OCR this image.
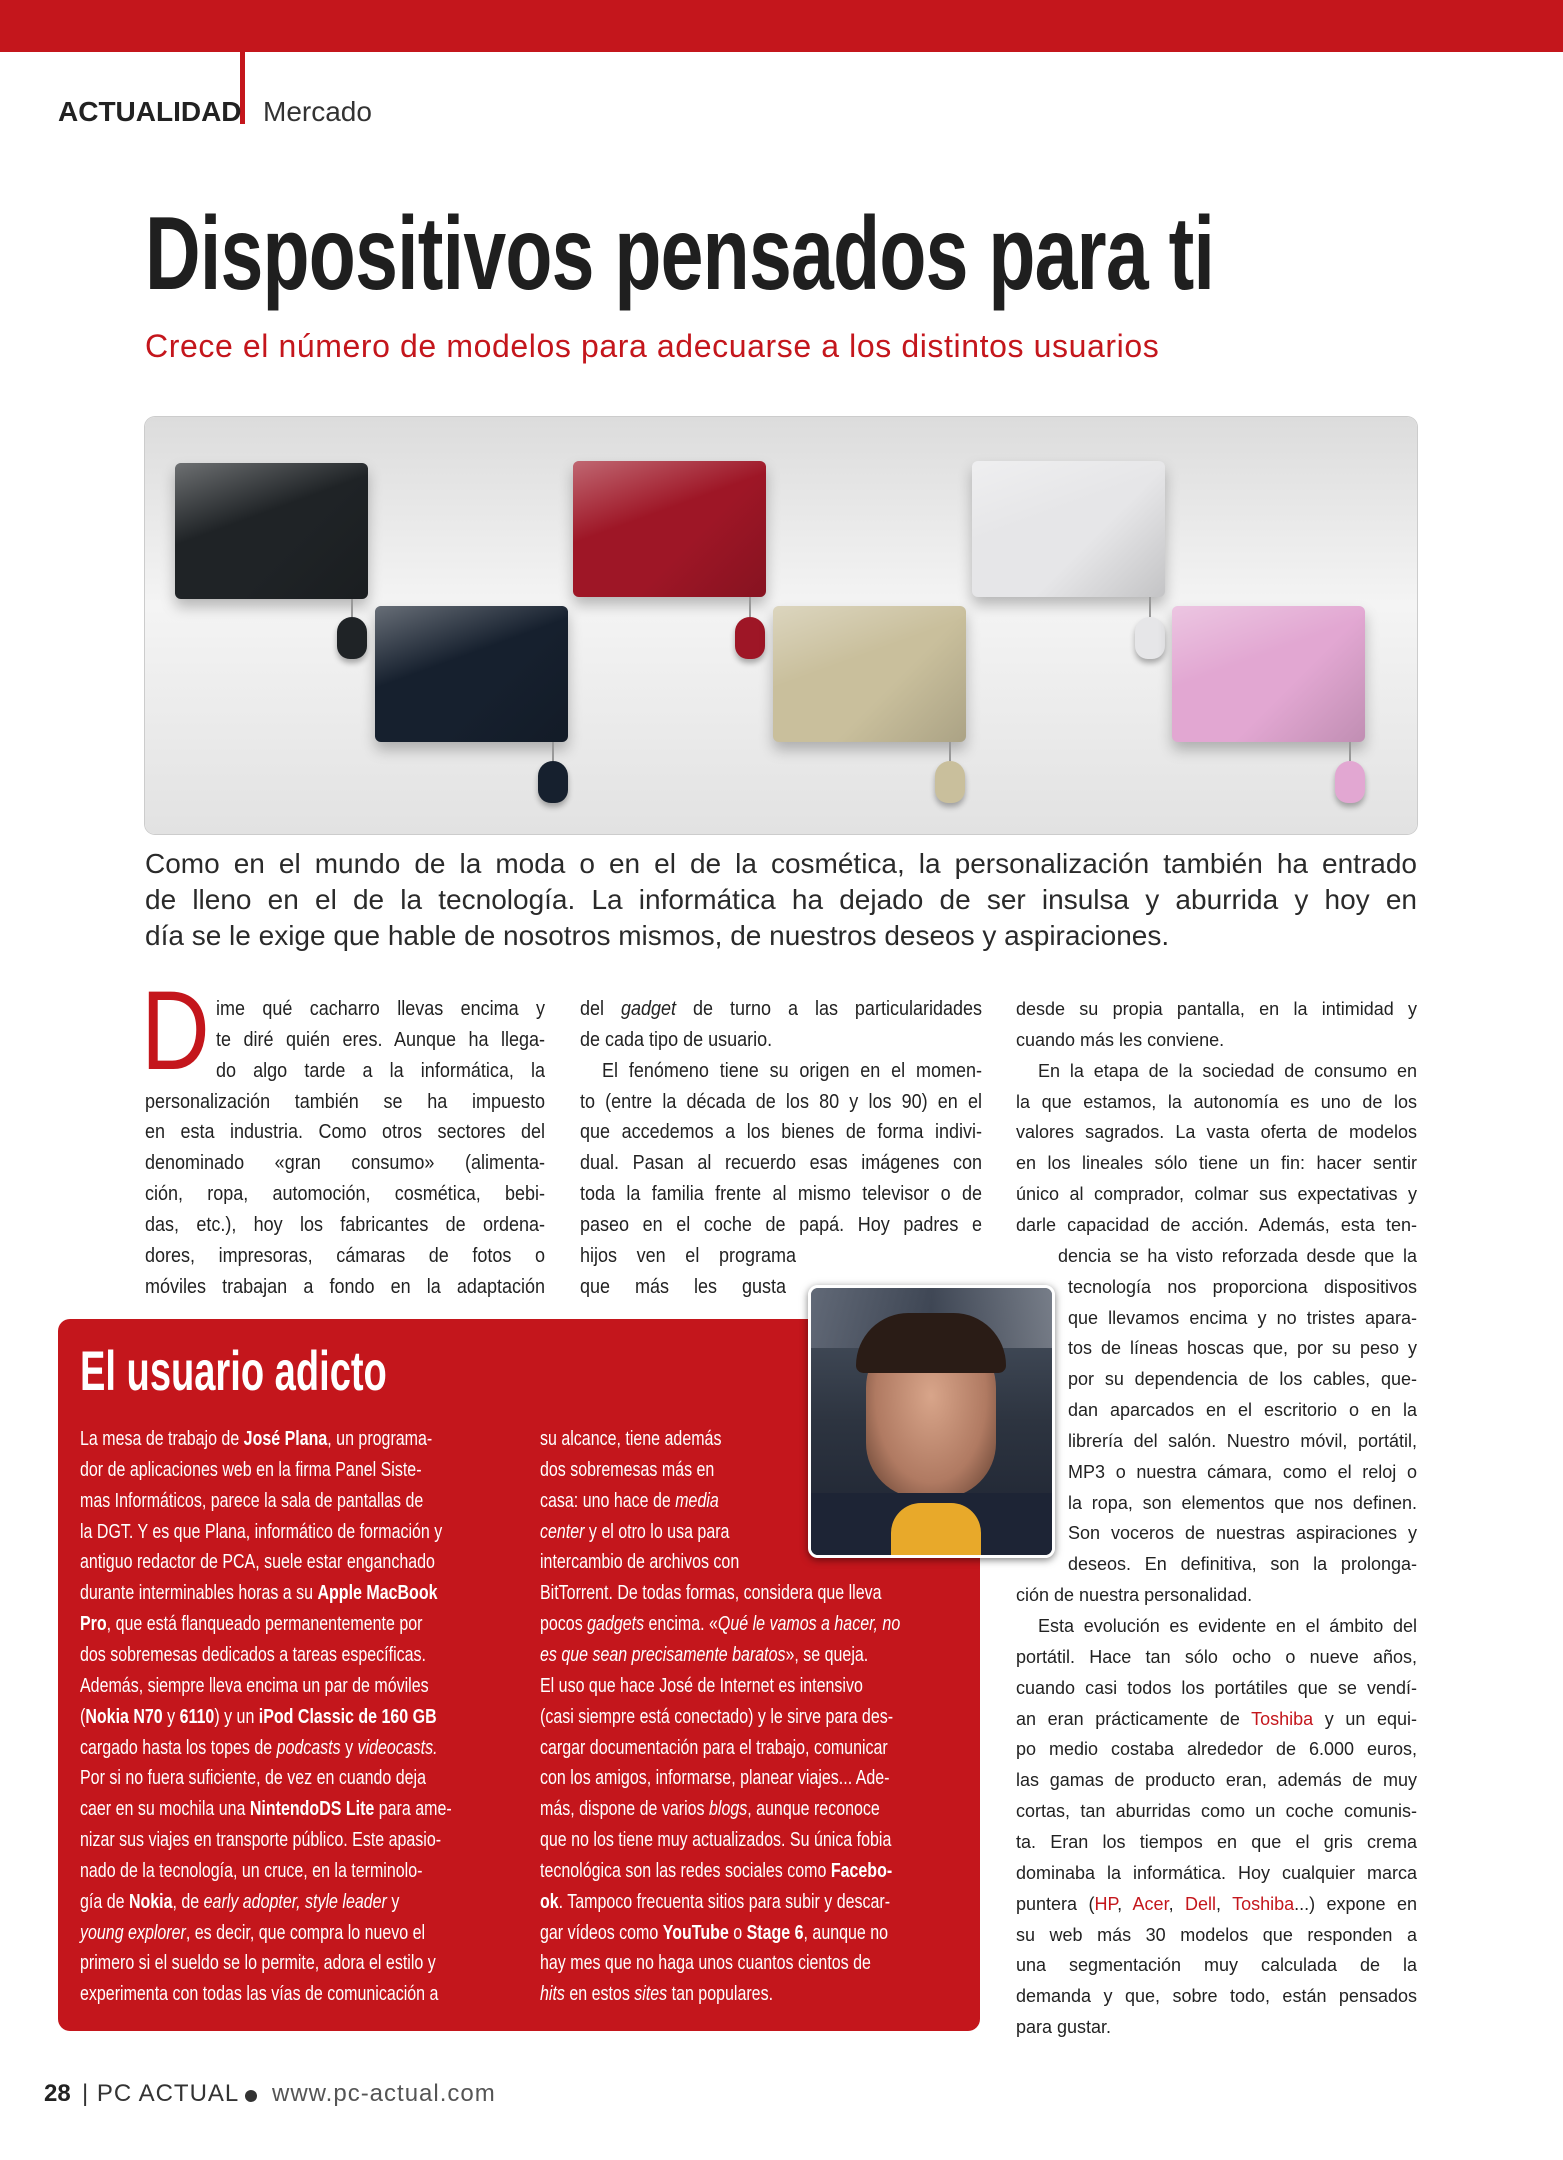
ACTUALIDAD Mercado
Dispositivos pensados para ti
Crece el número de modelos para adecuarse a los distintos usuarios
Como en el mundo de la moda o en el de la cosmética, la personalización también ha entrado
de lleno en el de la tecnología. La informática ha dejado de ser insulsa y aburrida y hoy en
día se le exige que hable de nosotros mismos, de nuestros deseos y aspiraciones.
D ime qué cacharro llevas encima y
te diré quién eres. Aunque ha llega-
do algo tarde a la informática, la
personalización también se ha impuesto
en esta industria. Como otros sectores del
denominado «gran consumo» (alimenta-
ción, ropa, automoción, cosmética, bebi-
das, etc.), hoy los fabricantes de ordena-
dores, impresoras, cámaras de fotos o
móviles trabajan a fondo en la adaptación
del gadget de turno a las particularidades
de cada tipo de usuario.
El fenómeno tiene su origen en el momen-
to (entre la década de los 80 y los 90) en el
que accedemos a los bienes de forma indivi-
dual. Pasan al recuerdo esas imágenes con
toda la familia frente al mismo televisor o de
paseo en el coche de papá. Hoy padres e
hijos ven el programa
que más les gusta
desde su propia pantalla, en la intimidad y
cuando más les conviene.
En la etapa de la sociedad de consumo en
la que estamos, la autonomía es uno de los
valores sagrados. La vasta oferta de modelos
en los lineales sólo tiene un fin: hacer sentir
único al comprador, colmar sus expectativas y
darle capacidad de acción. Además, esta ten-
dencia se ha visto reforzada desde que la
tecnología nos proporciona dispositivos
que llevamos encima y no tristes apara-
tos de líneas hoscas que, por su peso y
por su dependencia de los cables, que-
dan aparcados en el escritorio o en la
librería del salón. Nuestro móvil, portátil,
MP3 o nuestra cámara, como el reloj o
la ropa, son elementos que nos definen.
Son voceros de nuestras aspiraciones y
deseos. En definitiva, son la prolonga-
ción de nuestra personalidad.
Esta evolución es evidente en el ámbito del
portátil. Hace tan sólo ocho o nueve años,
cuando casi todos los portátiles que se vendí-
an eran prácticamente de Toshiba y un equi-
po medio costaba alrededor de 6.000 euros,
las gamas de producto eran, además de muy
cortas, tan aburridas como un coche comunis-
ta. Eran los tiempos en que el gris crema
dominaba la informática. Hoy cualquier marca
puntera (HP, Acer, Dell, Toshiba...) expone en
su web más 30 modelos que responden a
una segmentación muy calculada de la
demanda y que, sobre todo, están pensados
para gustar.
El usuario adicto
La mesa de trabajo de José Plana, un programa-
dor de aplicaciones web en la firma Panel Siste-
mas Informáticos, parece la sala de pantallas de
la DGT. Y es que Plana, informático de formación y
antiguo redactor de PCA, suele estar enganchado
durante interminables horas a su Apple MacBook
Pro, que está flanqueado permanentemente por
dos sobremesas dedicados a tareas específicas.
Además, siempre lleva encima un par de móviles
(Nokia N70 y 6110) y un iPod Classic de 160 GB
cargado hasta los topes de podcasts y videocasts.
Por si no fuera suficiente, de vez en cuando deja
caer en su mochila una NintendoDS Lite para ame-
nizar sus viajes en transporte público. Este apasio-
nado de la tecnología, un cruce, en la terminolo-
gía de Nokia, de early adopter, style leader y
young explorer, es decir, que compra lo nuevo el
primero si el sueldo se lo permite, adora el estilo y
experimenta con todas las vías de comunicación a
su alcance, tiene además
dos sobremesas más en
casa: uno hace de media
center y el otro lo usa para
intercambio de archivos con
BitTorrent. De todas formas, considera que lleva
pocos gadgets encima. «Qué le vamos a hacer, no
es que sean precisamente baratos», se queja.
El uso que hace José de Internet es intensivo
(casi siempre está conectado) y le sirve para des-
cargar documentación para el trabajo, comunicar
con los amigos, informarse, planear viajes... Ade-
más, dispone de varios blogs, aunque reconoce
que no los tiene muy actualizados. Su única fobia
tecnológica son las redes sociales como Facebo-
ok. Tampoco frecuenta sitios para subir y descar-
gar vídeos como YouTube o Stage 6, aunque no
hay mes que no haga unos cuantos cientos de
hits en estos sites tan populares.
28 | PC ACTUAL www.pc-actual.com
